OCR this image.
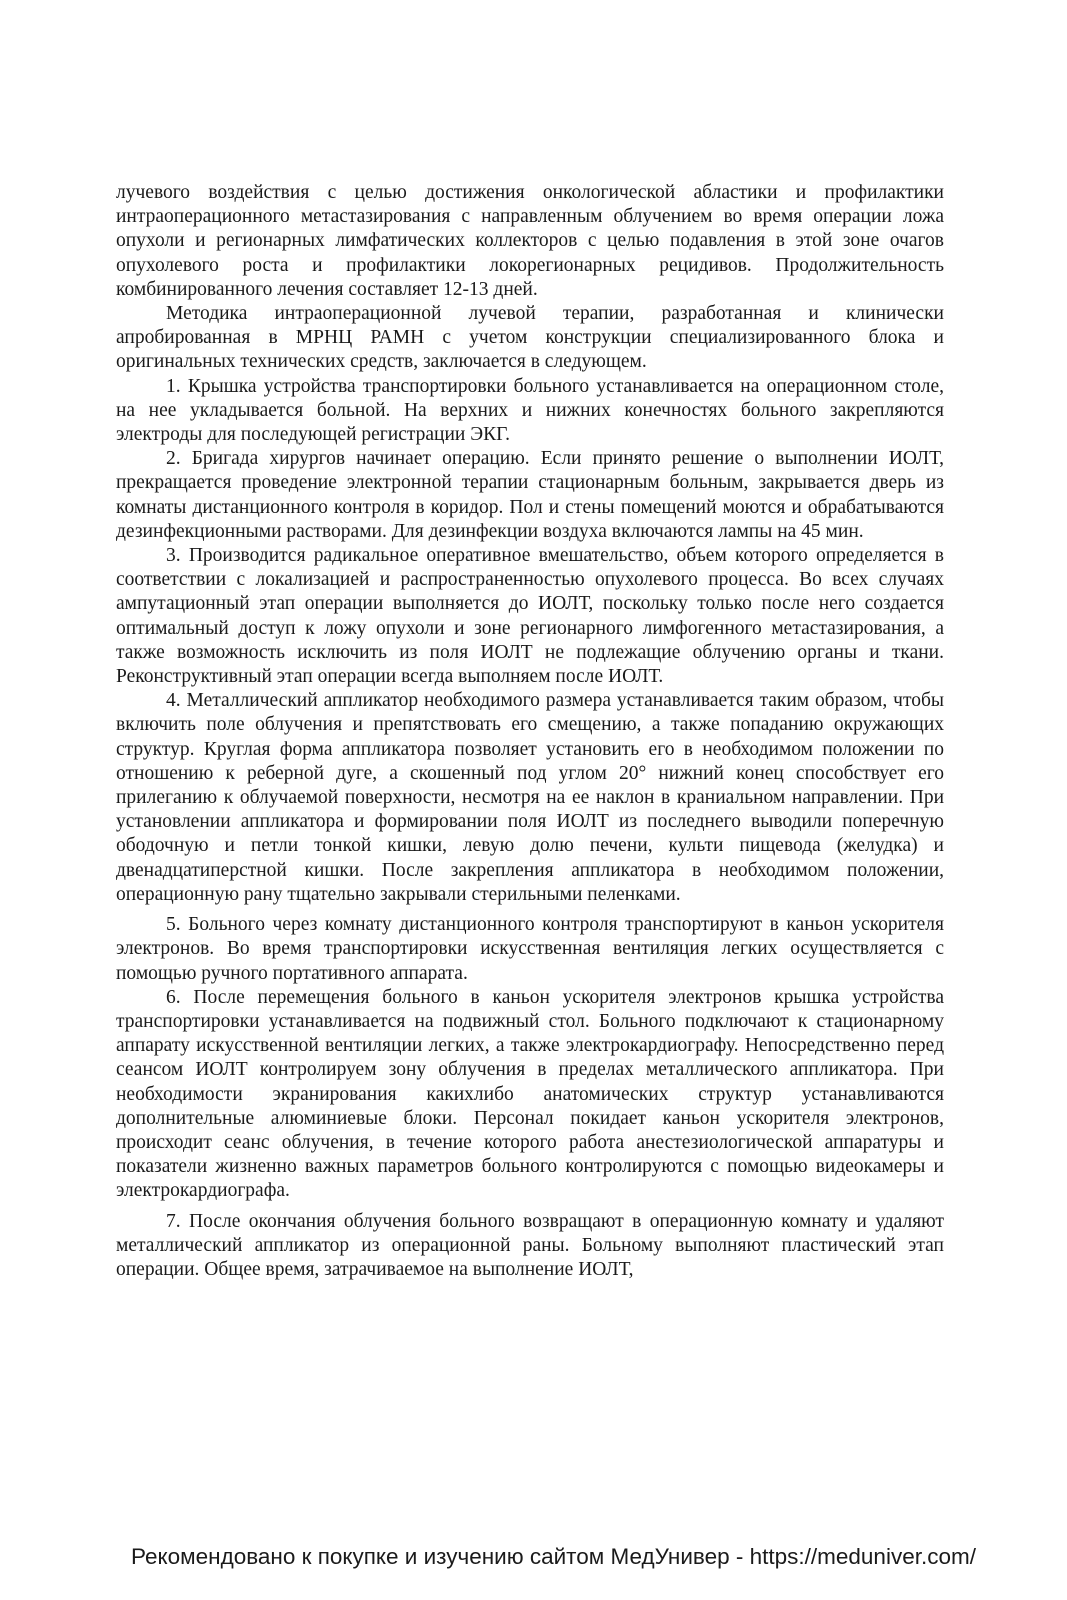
лучевого воздействия с целью достижения онкологической абластики и профилактики интраоперационного метастазирования с направленным облучением во время операции ложа опухоли и регионарных лимфатических коллекторов с целью подавления в этой зоне очагов опухолевого роста и профилактики локорегионарных рецидивов. Продолжительность комбинированного лечения составляет 12-13 дней.

Методика интраоперационной лучевой терапии, разработанная и клинически апробированная в МРНЦ РАМН с учетом конструкции специализированного блока и оригинальных технических средств, заключается в следующем.

1. Крышка устройства транспортировки больного устанавливается на операционном столе, на нее укладывается больной. На верхних и нижних конечностях больного закрепляются электроды для последующей регистрации ЭКГ.

2. Бригада хирургов начинает операцию. Если принято решение о выполнении ИОЛТ, прекращается проведение электронной терапии стационарным больным, закрывается дверь из комнаты дистанционного контроля в коридор. Пол и стены помещений моются и обрабатываются дезинфекционными растворами. Для дезинфекции воздуха включаются лампы на 45 мин.

3. Производится радикальное оперативное вмешательство, объем которого определяется в соответствии с локализацией и распространенностью опухолевого процесса. Во всех случаях ампутационный этап операции выполняется до ИОЛТ, поскольку только после него создается оптимальный доступ к ложу опухоли и зоне регионарного лимфогенного метастазирования, а также возможность исключить из поля ИОЛТ не подлежащие облучению органы и ткани. Реконструктивный этап операции всегда выполняем после ИОЛТ.

4. Металлический аппликатор необходимого размера устанавливается таким образом, чтобы включить поле облучения и препятствовать его смещению, а также попаданию окружающих структур. Круглая форма аппликатора позволяет установить его в необходимом положении по отношению к реберной дуге, а скошенный под углом 20° нижний конец способствует его прилеганию к облучаемой поверхности, несмотря на ее наклон в краниальном направлении. При установлении аппликатора и формировании поля ИОЛТ из последнего выводили поперечную ободочную и петли тонкой кишки, левую долю печени, культи пищевода (желудка) и двенадцатиперстной кишки. После закрепления аппликатора в необходимом положении, операционную рану тщательно закрывали стерильными пеленками.

5. Больного через комнату дистанционного контроля транспортируют в каньон ускорителя электронов. Во время транспортировки искусственная вентиляция легких осуществляется с помощью ручного портативного аппарата.

6. После перемещения больного в каньон ускорителя электронов крышка устройства транспортировки устанавливается на подвижный стол. Больного подключают к стационарному аппарату искусственной вентиляции легких, а также электрокардиографу. Непосредственно перед сеансом ИОЛТ контролируем зону облучения в пределах металлического аппликатора. При необходимости экранирования какихлибо анатомических структур устанавливаются дополнительные алюминиевые блоки. Персонал покидает каньон ускорителя электронов, происходит сеанс облучения, в течение которого работа анестезиологической аппаратуры и показатели жизненно важных параметров больного контролируются с помощью видеокамеры и электрокардиографа.

7. После окончания облучения больного возвращают в операционную комнату и удаляют металлический аппликатор из операционной раны. Больному выполняют пластический этап операции. Общее время, затрачиваемое на выполнение ИОЛТ,

Рекомендовано к покупке и изучению сайтом МедУнивер - https://meduniver.com/
